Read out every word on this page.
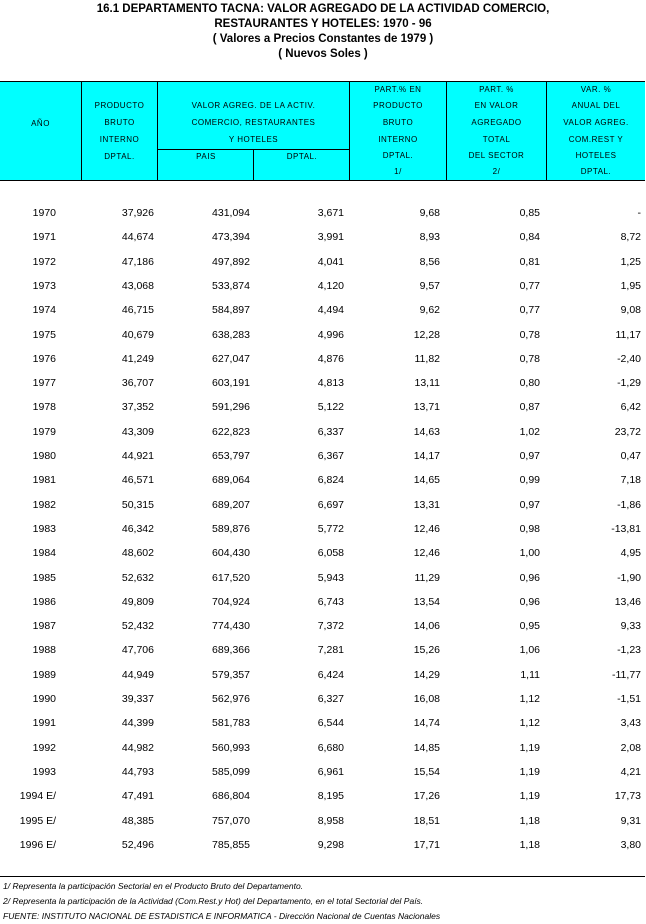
16.1 DEPARTAMENTO TACNA: VALOR AGREGADO DE LA ACTIVIDAD COMERCIO,
RESTAURANTES Y HOTELES: 1970 - 96
( Valores a Precios Constantes de 1979 )
( Nuevos Soles )
AÑO
PRODUCTO
BRUTO
INTERNO
DPTAL.
VALOR AGREG. DE LA ACTIV.
COMERCIO, RESTAURANTES
Y HOTELES
PAIS	DPTAL.
PART.% EN
PRODUCTO
BRUTO
INTERNO
DPTAL.
1/
PART. %
EN VALOR
AGREGADO
TOTAL
DEL SECTOR
2/
VAR. %
ANUAL DEL
VALOR AGREG.
COM.REST Y
HOTELES
DPTAL.
1970	37,926	431,094	3,671	9,68	0,85	-
1971	44,674	473,394	3,991	8,93	0,84	8,72
1972	47,186	497,892	4,041	8,56	0,81	1,25
1973	43,068	533,874	4,120	9,57	0,77	1,95
1974	46,715	584,897	4,494	9,62	0,77	9,08
1975	40,679	638,283	4,996	12,28	0,78	11,17
1976	41,249	627,047	4,876	11,82	0,78	-2,40
1977	36,707	603,191	4,813	13,11	0,80	-1,29
1978	37,352	591,296	5,122	13,71	0,87	6,42
1979	43,309	622,823	6,337	14,63	1,02	23,72
1980	44,921	653,797	6,367	14,17	0,97	0,47
1981	46,571	689,064	6,824	14,65	0,99	7,18
1982	50,315	689,207	6,697	13,31	0,97	-1,86
1983	46,342	589,876	5,772	12,46	0,98	-13,81
1984	48,602	604,430	6,058	12,46	1,00	4,95
1985	52,632	617,520	5,943	11,29	0,96	-1,90
1986	49,809	704,924	6,743	13,54	0,96	13,46
1987	52,432	774,430	7,372	14,06	0,95	9,33
1988	47,706	689,366	7,281	15,26	1,06	-1,23
1989	44,949	579,357	6,424	14,29	1,11	-11,77
1990	39,337	562,976	6,327	16,08	1,12	-1,51
1991	44,399	581,783	6,544	14,74	1,12	3,43
1992	44,982	560,993	6,680	14,85	1,19	2,08
1993	44,793	585,099	6,961	15,54	1,19	4,21
1994 E/	47,491	686,804	8,195	17,26	1,19	17,73
1995 E/	48,385	757,070	8,958	18,51	1,18	9,31
1996 E/	52,496	785,855	9,298	17,71	1,18	3,80
1/ Representa la participación Sectorial en el Producto Bruto del Departamento.
2/ Representa la participación de la Actividad (Com.Rest.y Hot) del Departamento, en el total Sectorial del País.
FUENTE: INSTITUTO NACIONAL DE ESTADISTICA E INFORMATICA - Dirección Nacional de Cuentas Nacionales
